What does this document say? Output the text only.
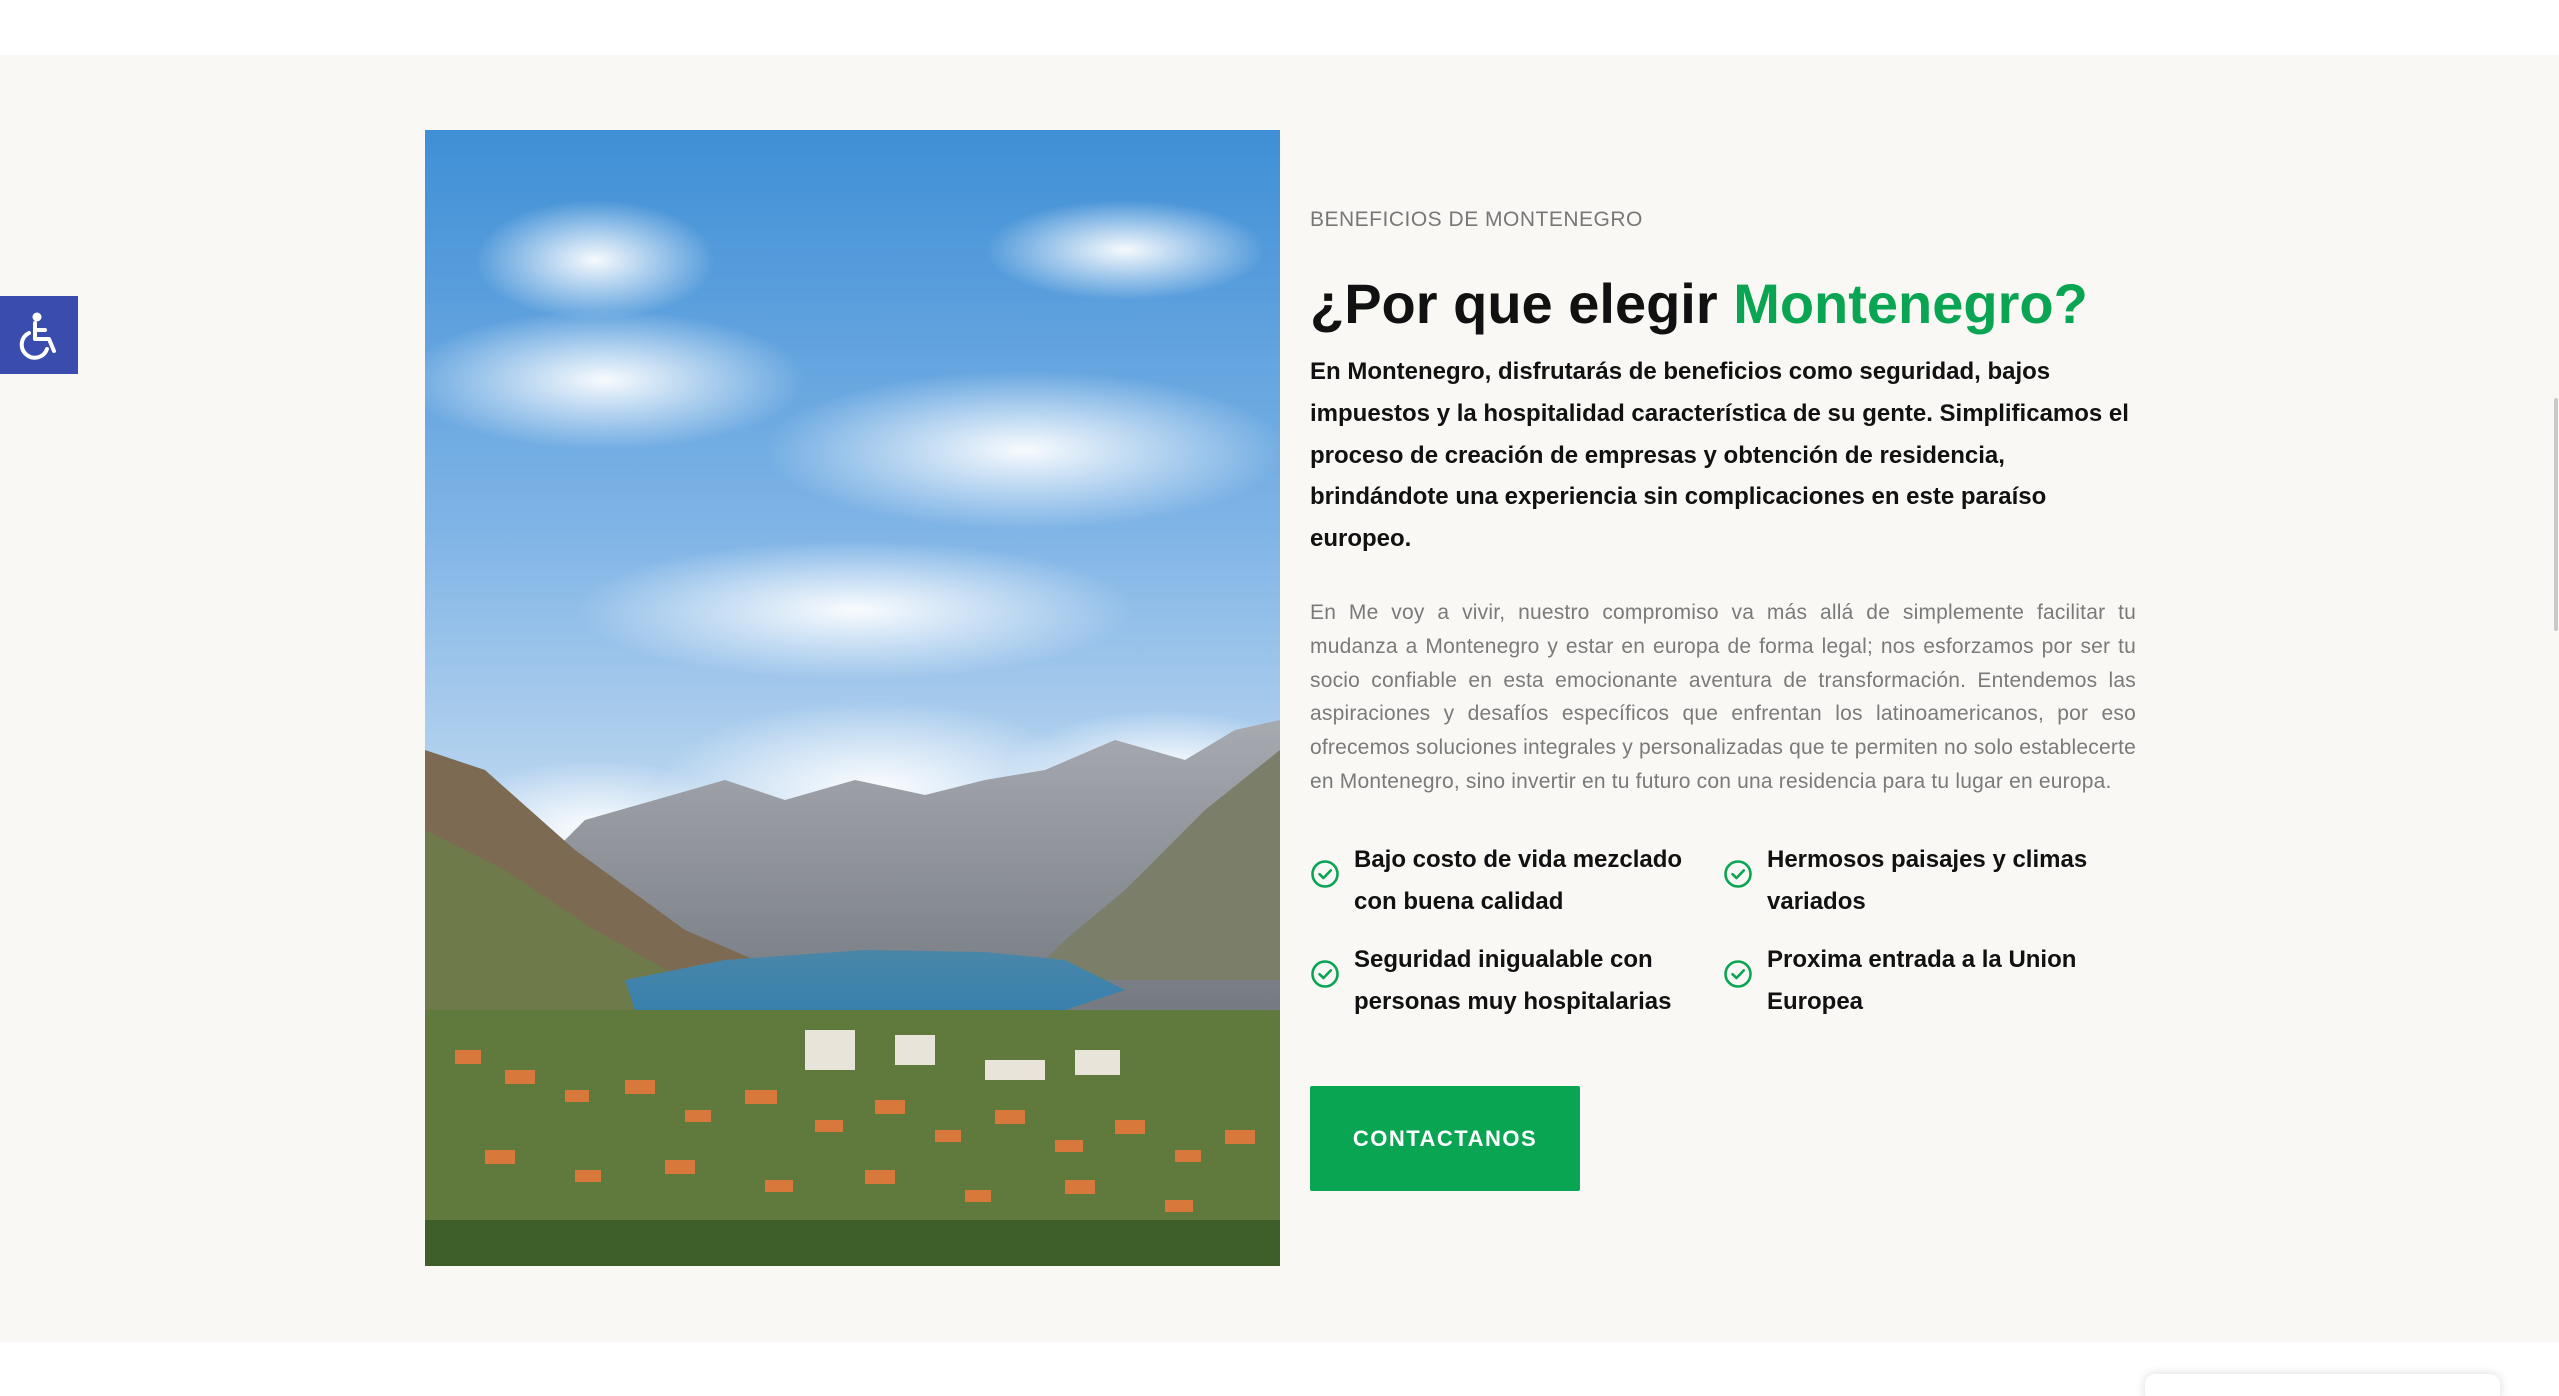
BENEFICIOS DE MONTENEGRO

¿Por que elegir Montenegro?

En Montenegro, disfrutarás de beneficios como seguridad, bajos impuestos y la hospitalidad característica de su gente. Simplificamos el proceso de creación de empresas y obtención de residencia, brindándote una experiencia sin complicaciones en este paraíso europeo.

En Me voy a vivir, nuestro compromiso va más allá de simplemente facilitar tu mudanza a Montenegro y estar en europa de forma legal; nos esforzamos por ser tu socio confiable en esta emocionante aventura de transformación. Entendemos las aspiraciones y desafíos específicos que enfrentan los latinoamericanos, por eso ofrecemos soluciones integrales y personalizadas que te permiten no solo establecerte en Montenegro, sino invertir en tu futuro con una residencia para tu lugar en europa.

Bajo costo de vida mezclado con buena calidad
Hermosos paisajes y climas variados
Seguridad inigualable con personas muy hospitalarias
Proxima entrada a la Union Europea
CONTACTANOS
